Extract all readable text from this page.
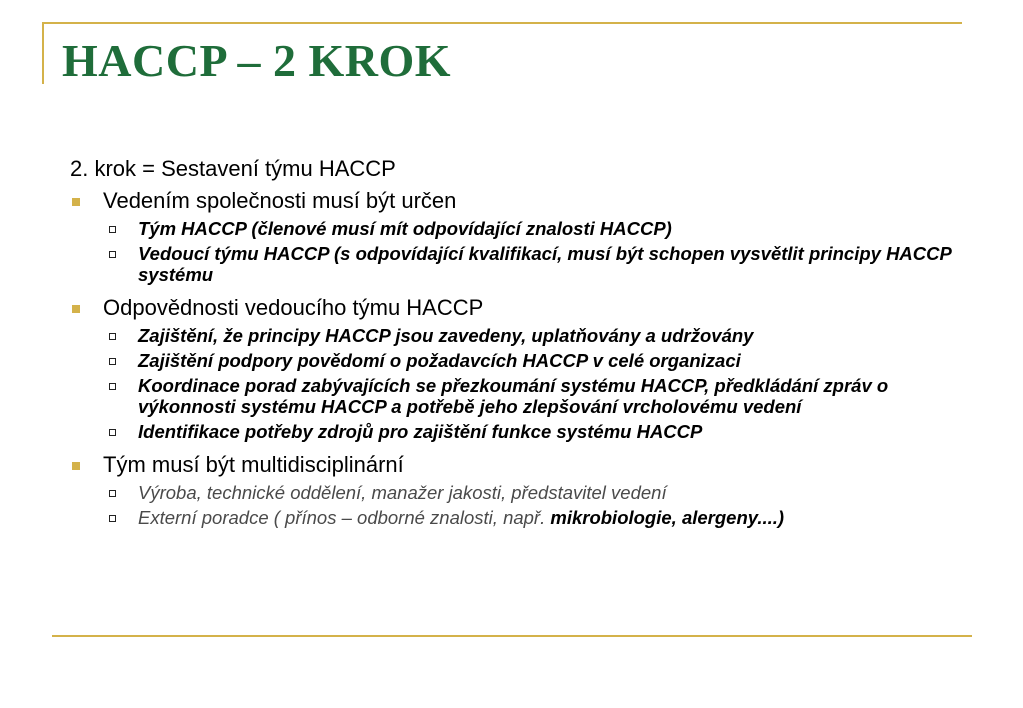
HACCP – 2 KROK
2. krok = Sestavení týmu HACCP
Vedením společnosti musí být určen
Tým HACCP (členové musí mít odpovídající znalosti HACCP)
Vedoucí týmu HACCP (s odpovídající kvalifikací, musí být schopen vysvětlit principy HACCP systému
Odpovědnosti vedoucího týmu HACCP
Zajištění, že principy HACCP jsou zavedeny, uplatňovány a udržovány
Zajištění podpory povědomí o požadavcích HACCP v celé organizaci
Koordinace porad zabývajících se přezkoumání systému HACCP, předkládání zpráv o výkonnosti systému HACCP a potřebě jeho zlepšování vrcholovému vedení
Identifikace potřeby zdrojů pro zajištění funkce systému HACCP
Tým musí být multidisciplinární
Výroba, technické oddělení, manažer jakosti, představitel vedení
Externí poradce ( přínos – odborné znalosti, např. mikrobiologie, alergeny....)
